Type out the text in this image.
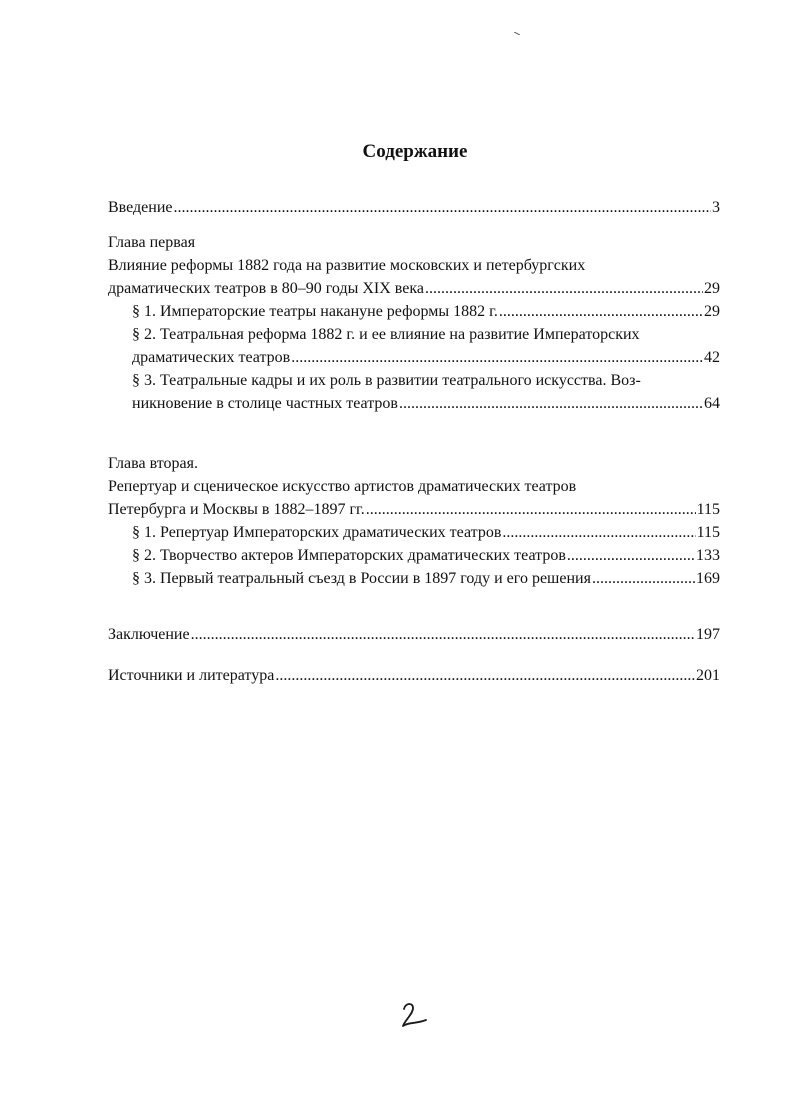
Содержание
Введение .....	3
Глава первая
Влияние реформы 1882 года на развитие московских и петербургских
драматических театров в 80–90 годы XIX века .....	29
§ 1. Императорские театры накануне реформы 1882 г. .....	29
§ 2. Театральная реформа 1882 г. и ее влияние на развитие Императорских
драматических театров .....	42
§ 3. Театральные кадры и их роль в развитии театрального искусства. Воз-
никновение в столице частных театров .....	64
Глава вторая.
Репертуар и сценическое искусство артистов драматических театров
Петербурга и Москвы в 1882–1897 гг. .....	115
§ 1. Репертуар Императорских драматических театров .....	115
§ 2. Творчество актеров Императорских драматических театров .....	133
§ 3. Первый театральный съезд в России в 1897 году и его решения .....	169
Заключение .....	197
Источники и литература .....	201
